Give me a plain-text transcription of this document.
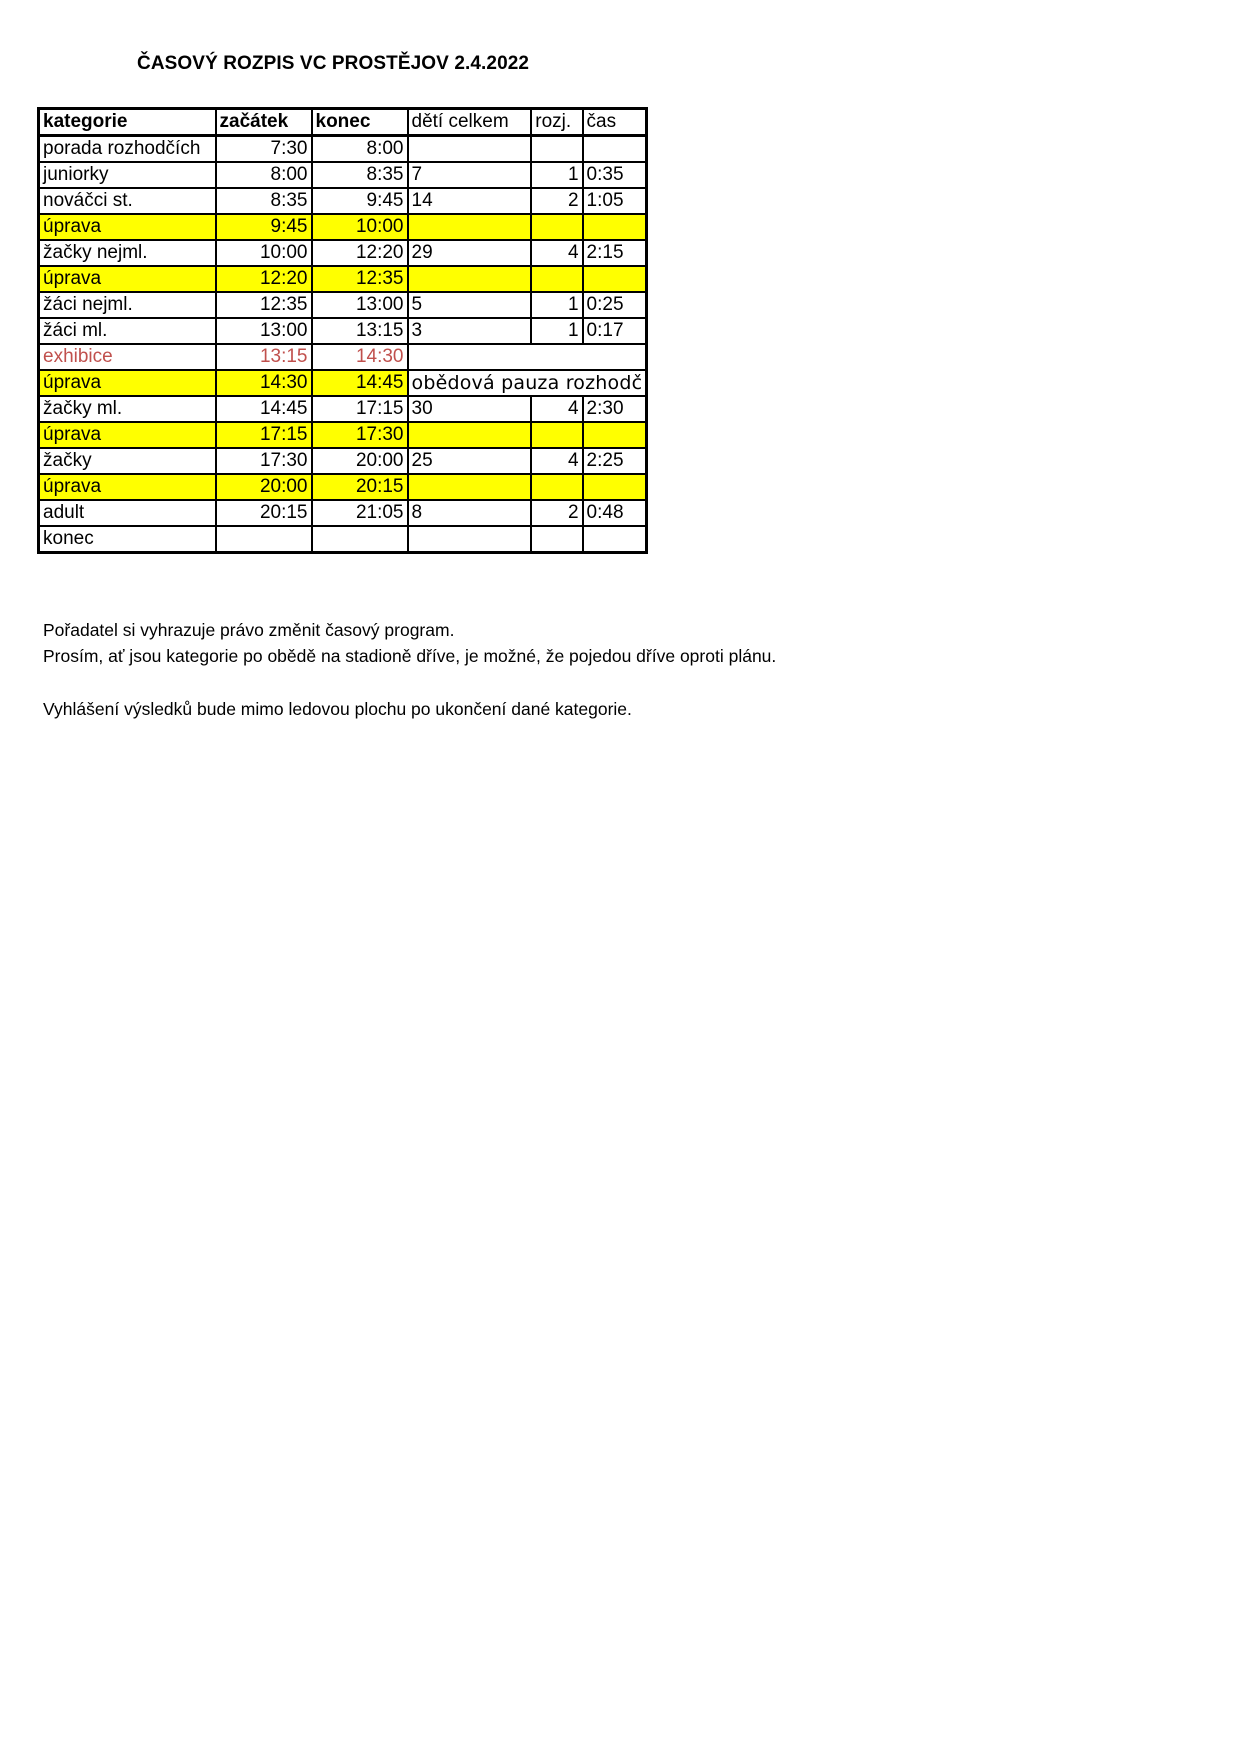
ČASOVÝ ROZPIS VC PROSTĚJOV 2.4.2022
kategorie	začátek	konec	dětí celkem	rozj.	čas
porada rozhodčích	7:30	8:00			
juniorky	8:00	8:35	7	1	0:35
nováčci st.	8:35	9:45	14	2	1:05
úprava	9:45	10:00			
žačky nejml.	10:00	12:20	29	4	2:15
úprava	12:20	12:35			
žáci nejml.	12:35	13:00	5	1	0:25
žáci ml.	13:00	13:15	3	1	0:17
exhibice	13:15	14:30			
úprava	14:30	14:45	obědová pauza rozhodč		
žačky ml.	14:45	17:15	30	4	2:30
úprava	17:15	17:30			
žačky	17:30	20:00	25	4	2:25
úprava	20:00	20:15			
adult	20:15	21:05	8	2	0:48
konec					

Pořadatel si vyhrazuje právo změnit časový program.

Prosím, ať jsou kategorie po obědě na stadioně dříve, je možné, že pojedou dříve oproti plánu.

Vyhlášení výsledků bude mimo ledovou plochu po ukončení dané kategorie.
